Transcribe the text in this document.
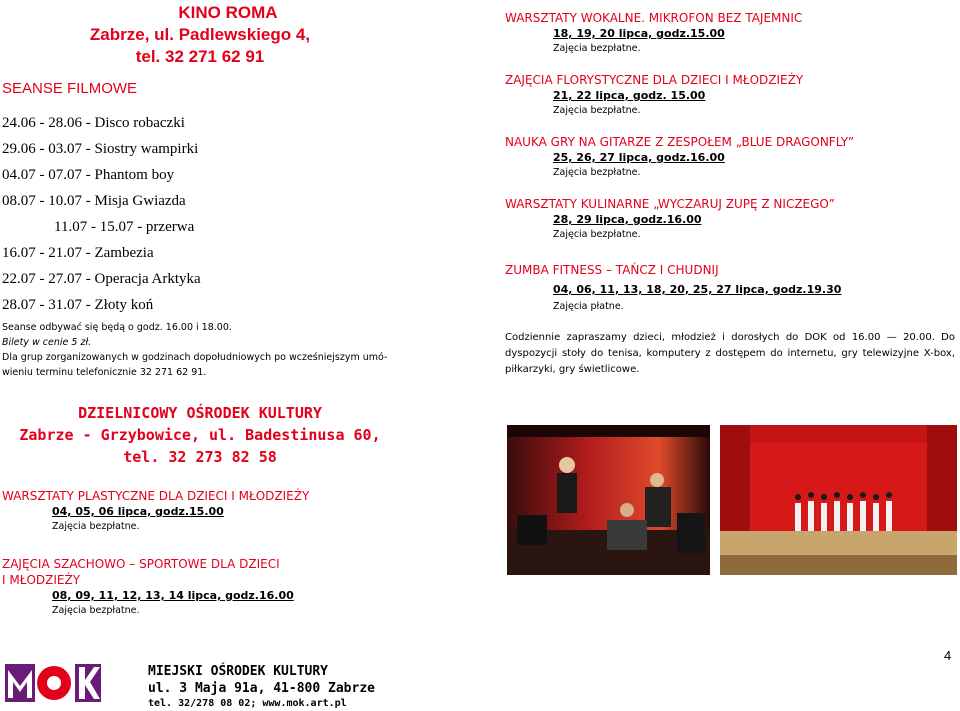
KINO ROMA
Zabrze, ul. Padlewskiego 4,
tel. 32 271 62 91
SEANSE FILMOWE
24.06 - 28.06 - Disco robaczki
29.06 - 03.07 - Siostry wampirki
04.07 - 07.07 - Phantom boy
08.07 - 10.07 - Misja Gwiazda
11.07 - 15.07 - przerwa
16.07 - 21.07 - Zambezia
22.07 - 27.07 - Operacja Arktyka
28.07 - 31.07 - Złoty koń
Seanse odbywać się będą o godz. 16.00 i 18.00.
Bilety w cenie 5 zł.
Dla grup zorganizowanych w godzinach dopołudniowych po wcześniejszym umó-
wieniu terminu telefonicznie 32 271 62 91.
DZIELNICOWY OŚRODEK KULTURY
Zabrze - Grzybowice, ul. Badestinusa 60,
tel. 32 273 82 58
WARSZTATY PLASTYCZNE DLA DZIECI I MŁODZIEŻY
04, 05, 06 lipca, godz.15.00
Zajęcia bezpłatne.
ZAJĘCIA SZACHOWO – SPORTOWE DLA DZIECI
I MŁODZIEŻY
08, 09, 11, 12, 13, 14 lipca, godz.16.00
Zajęcia bezpłatne.
MIEJSKI OŚRODEK KULTURY
ul. 3 Maja 91a, 41-800 Zabrze
tel. 32/278 08 02; www.mok.art.pl
WARSZTATY WOKALNE. MIKROFON BEZ TAJEMNIC
18, 19, 20 lipca, godz.15.00
Zajęcia bezpłatne.
ZAJĘCIA FLORYSTYCZNE DLA DZIECI I MŁODZIEŻY
21, 22 lipca, godz. 15.00
Zajęcia bezpłatne.
NAUKA GRY NA GITARZE Z ZESPOŁEM „BLUE DRAGONFLY”
25, 26, 27 lipca, godz.16.00
Zajęcia bezpłatne.
WARSZTATY KULINARNE „WYCZARUJ ZUPĘ Z NICZEGO”
28, 29 lipca, godz.16.00
Zajęcia bezpłatne.
ZUMBA FITNESS – TAŃCZ I CHUDNIJ
04, 06, 11, 13, 18, 20, 25, 27 lipca, godz.19.30
Zajęcia płatne.
Codziennie zapraszamy dzieci, młodzież i dorosłych do DOK od 16.00 — 20.00. Do dyspozycji stoły do tenisa, komputery z dostępem do internetu, gry telewizyjne X-box, piłkarzyki, gry świetlicowe.
4
